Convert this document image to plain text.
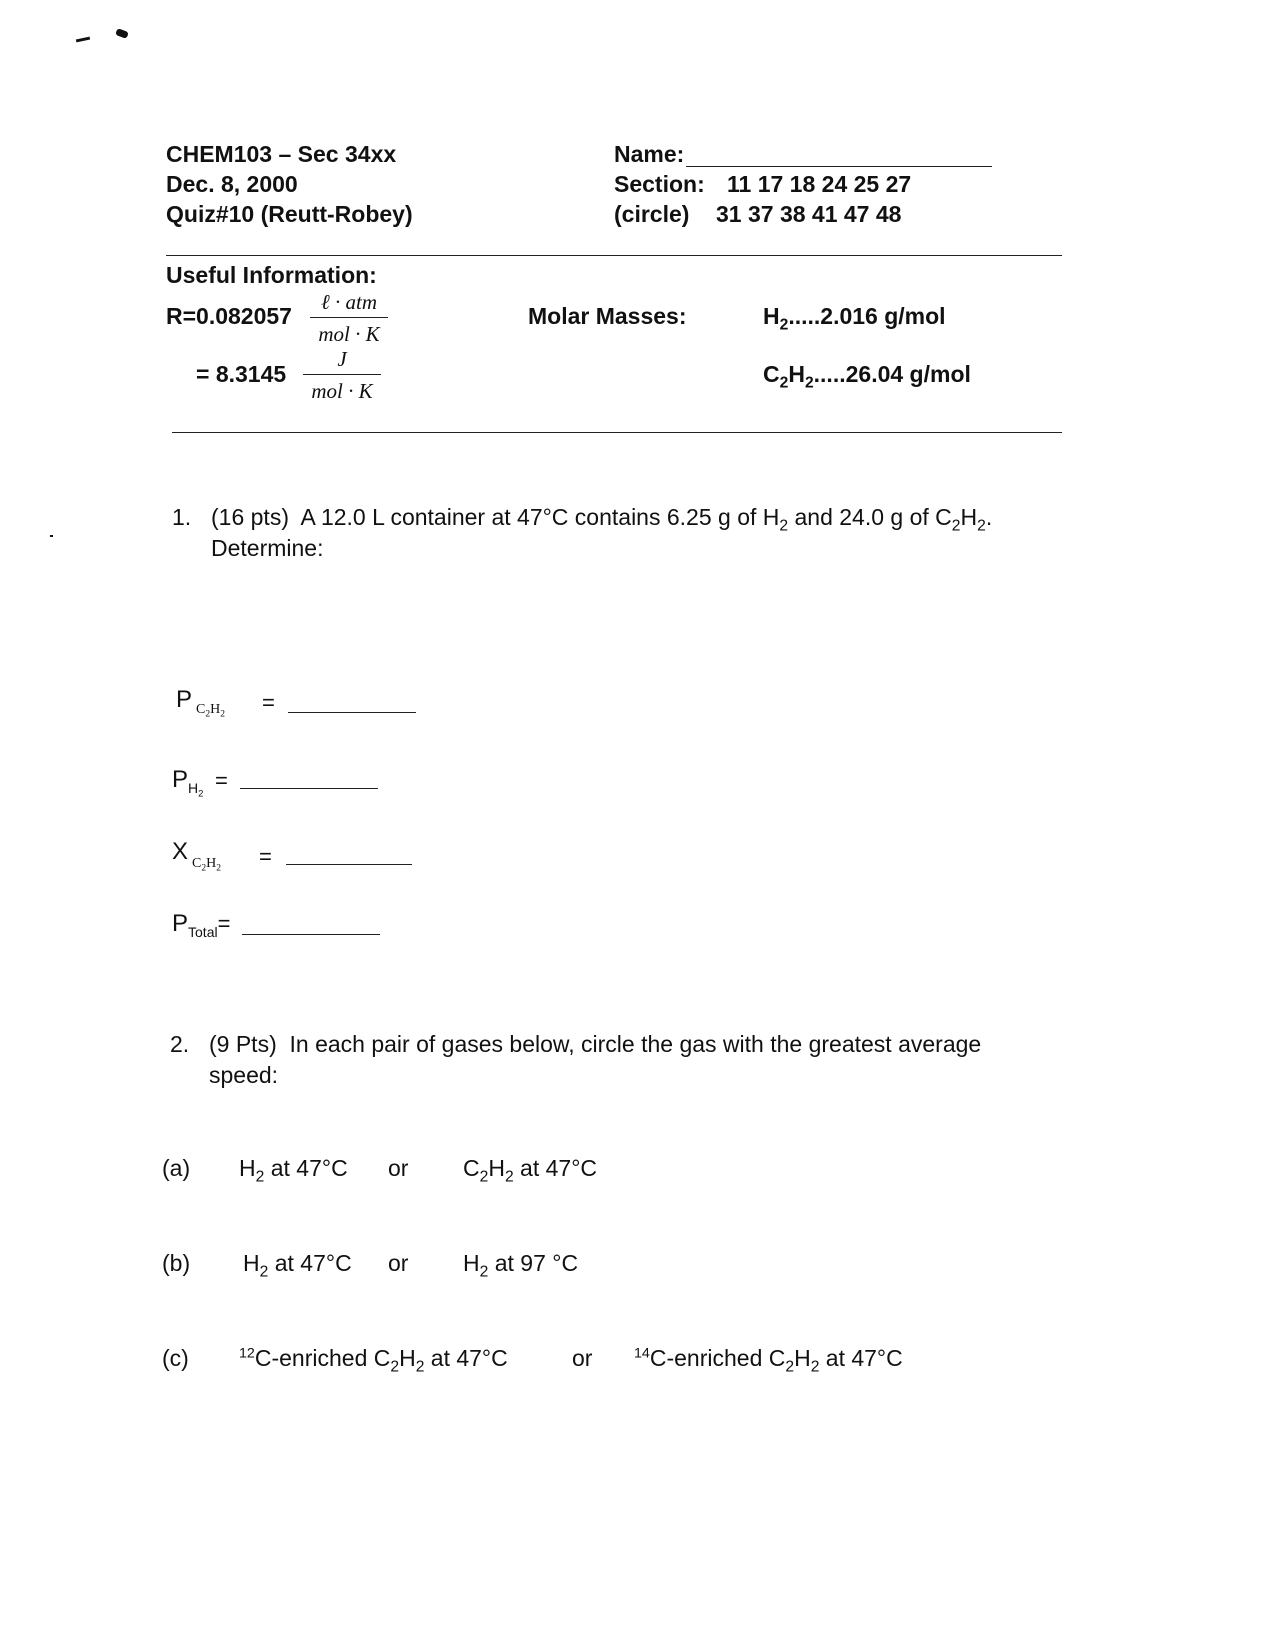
CHEM103 – Sec 34xx
Dec. 8, 2000
Quiz#10 (Reutt-Robey)
Name:
Section: 11 17 18 24 25 27
(circle) 31 37 38 41 47 48
Useful Information:
R=0.082057
ℓ · atm
mol · K
= 8.3145
J
mol · K
Molar Masses:	$H_2.....2.016$ g/mol
$C_2H_2.....26.04$ g/mol
1. (16 pts) A 12.0 L container at 47°C contains 6.25 g of $H_2$ and 24.0 g of $C_2H_2$.
Determine:
P $C_2H_2$ =
$PH_2$
=
X $C_2H_2$ =
PTotal=
2. (9 Pts) In each pair of gases below, circle the gas with the greatest average
speed:
(a) $H_2$ at 47°C or $C_2H_2$ at 47°C
(b) $H_2$ at 47°C or $H_2$ at 97 °C
(c)	$^{12}$C-enriched $C_2H_2$ at 47°C	or	$^{14}$C-enriched $C_2H_2$ at 47°C
